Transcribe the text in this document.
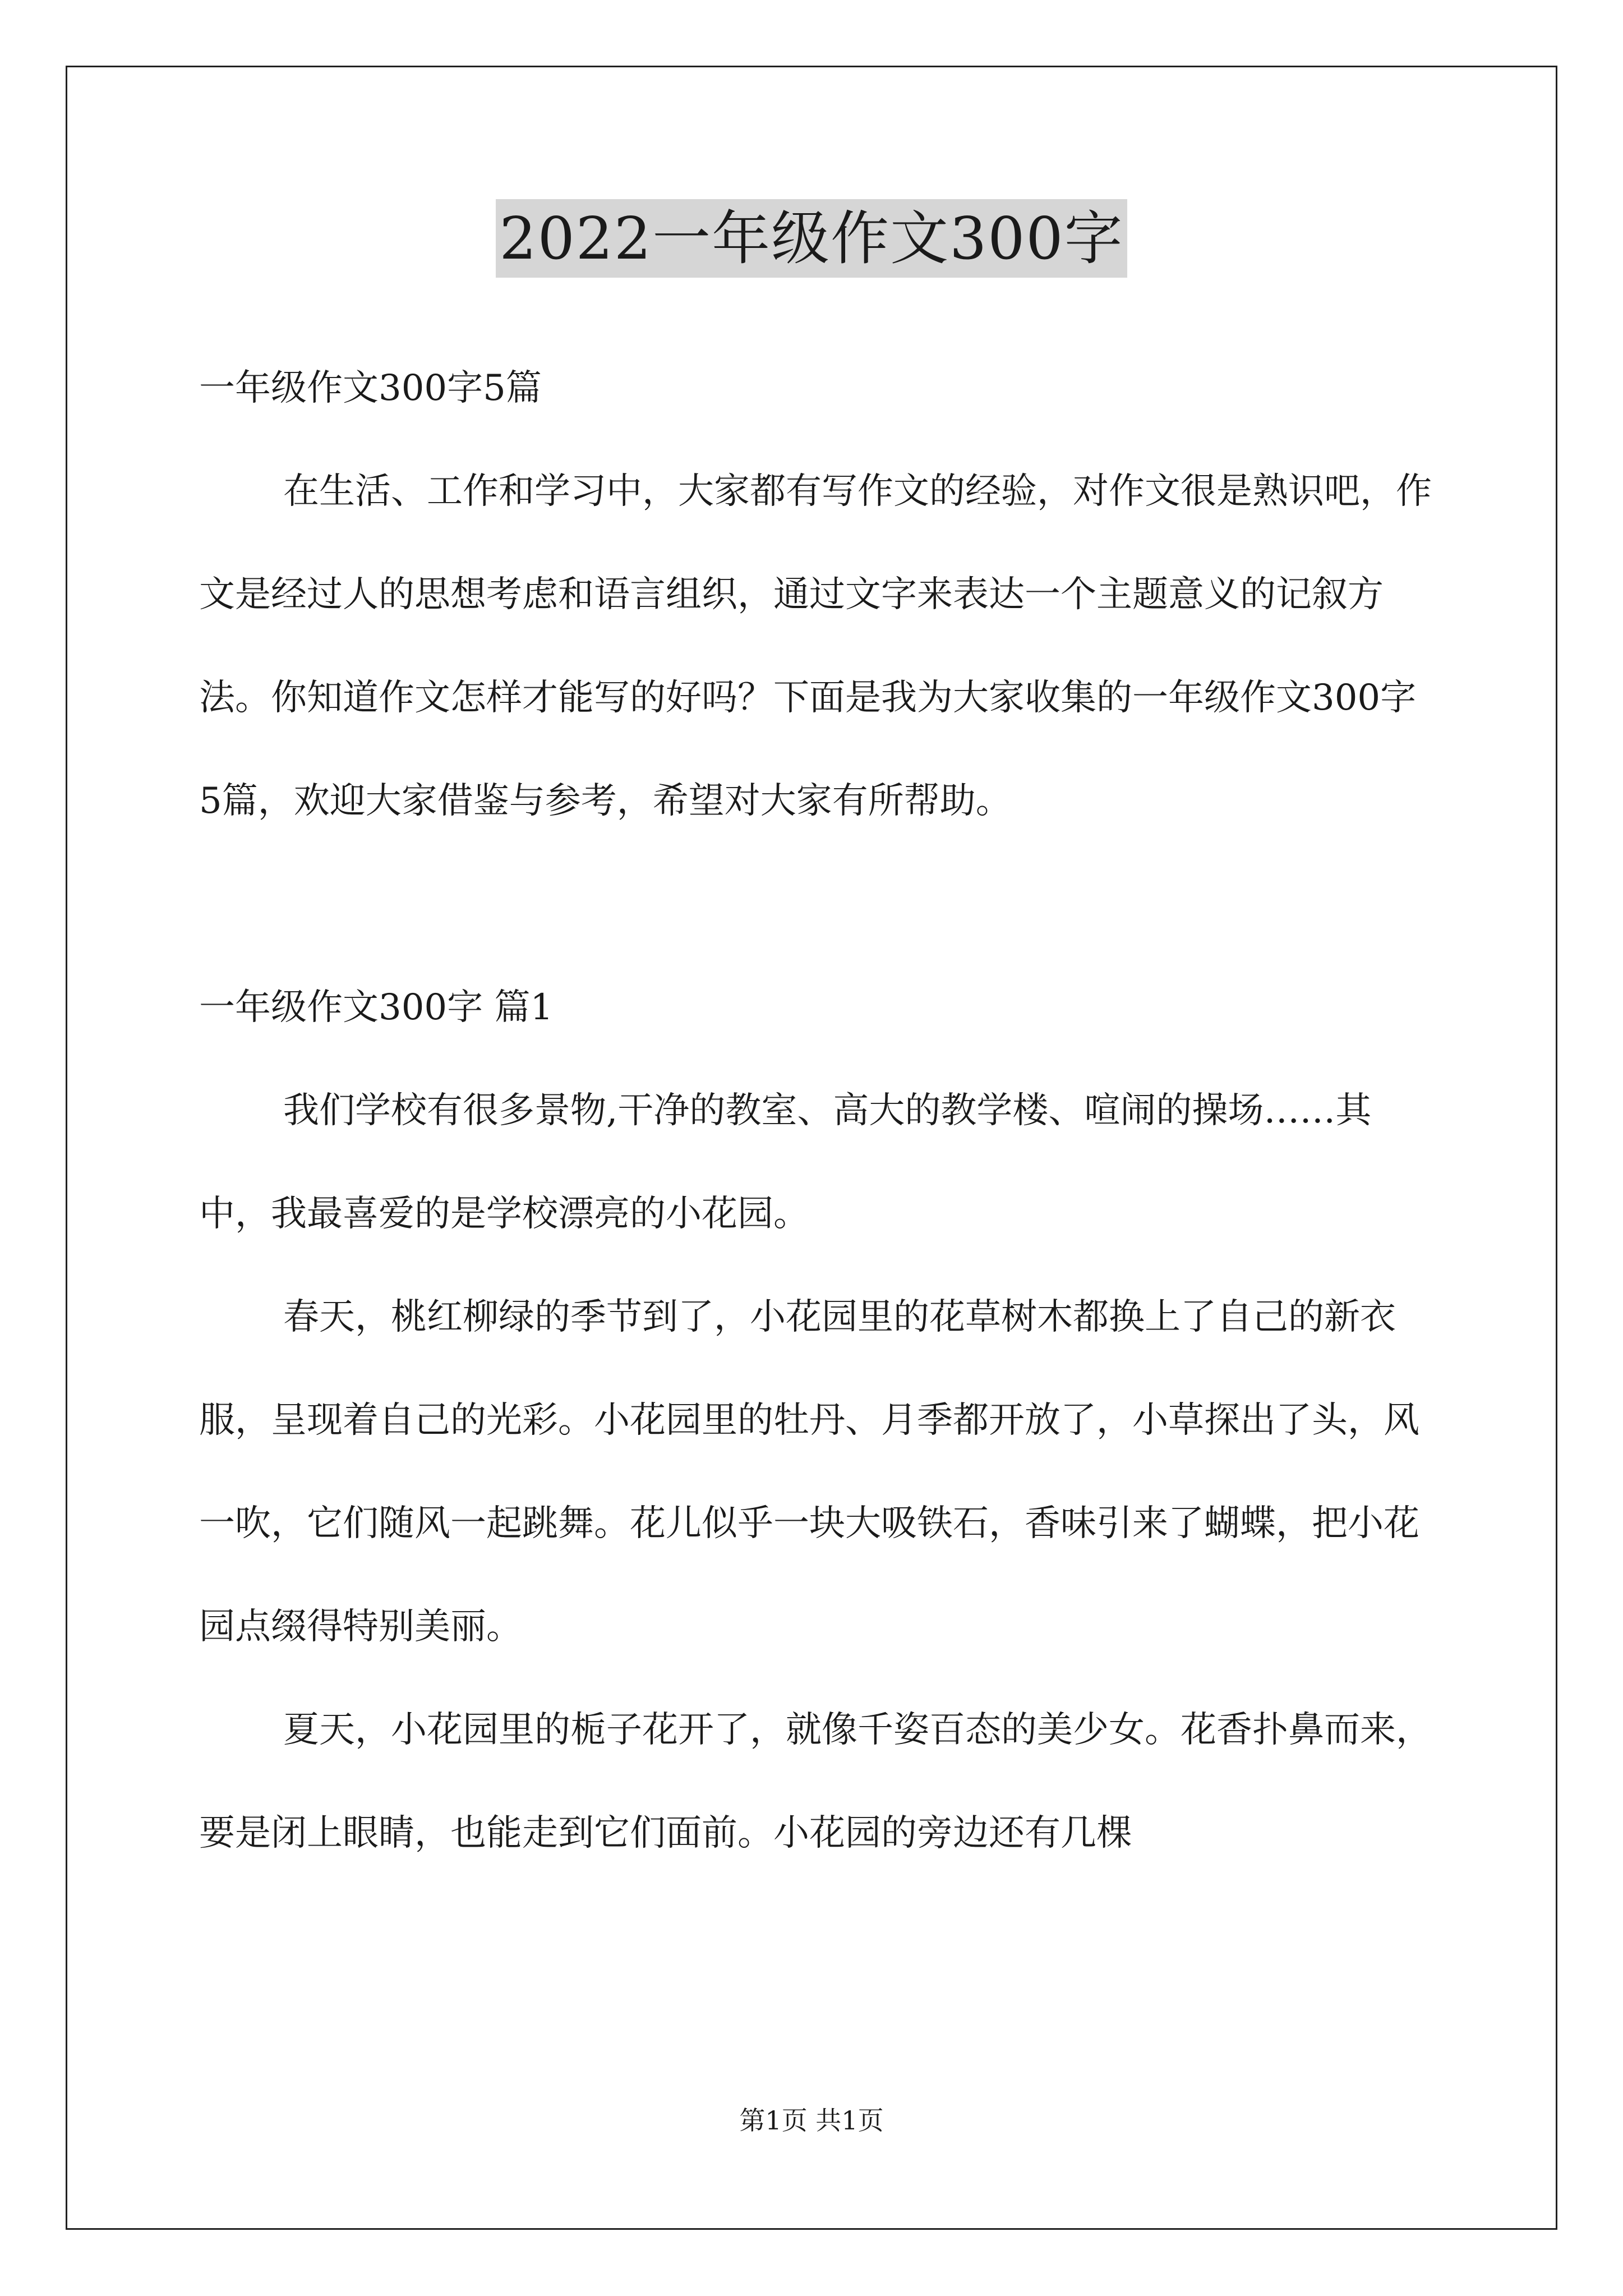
2022一年级作文300字

一年级作文300字5篇

在生活、工作和学习中，大家都有写作文的经验，对作文很是熟识吧，作文是经过人的思想考虑和语言组织，通过文字来表达一个主题意义的记叙方法。你知道作文怎样才能写的好吗？下面是我为大家收集的一年级作文300字5篇，欢迎大家借鉴与参考，希望对大家有所帮助。

一年级作文300字 篇1

我们学校有很多景物,干净的教室、高大的教学楼、喧闹的操场……其中，我最喜爱的是学校漂亮的小花园。

春天，桃红柳绿的季节到了，小花园里的花草树木都换上了自己的新衣服，呈现着自己的光彩。小花园里的牡丹、月季都开放了，小草探出了头，风一吹，它们随风一起跳舞。花儿似乎一块大吸铁石，香味引来了蝴蝶，把小花园点缀得特别美丽。

夏天，小花园里的栀子花开了，就像千姿百态的美少女。花香扑鼻而来，要是闭上眼睛，也能走到它们面前。小花园的旁边还有几棵

第1页 共1页
